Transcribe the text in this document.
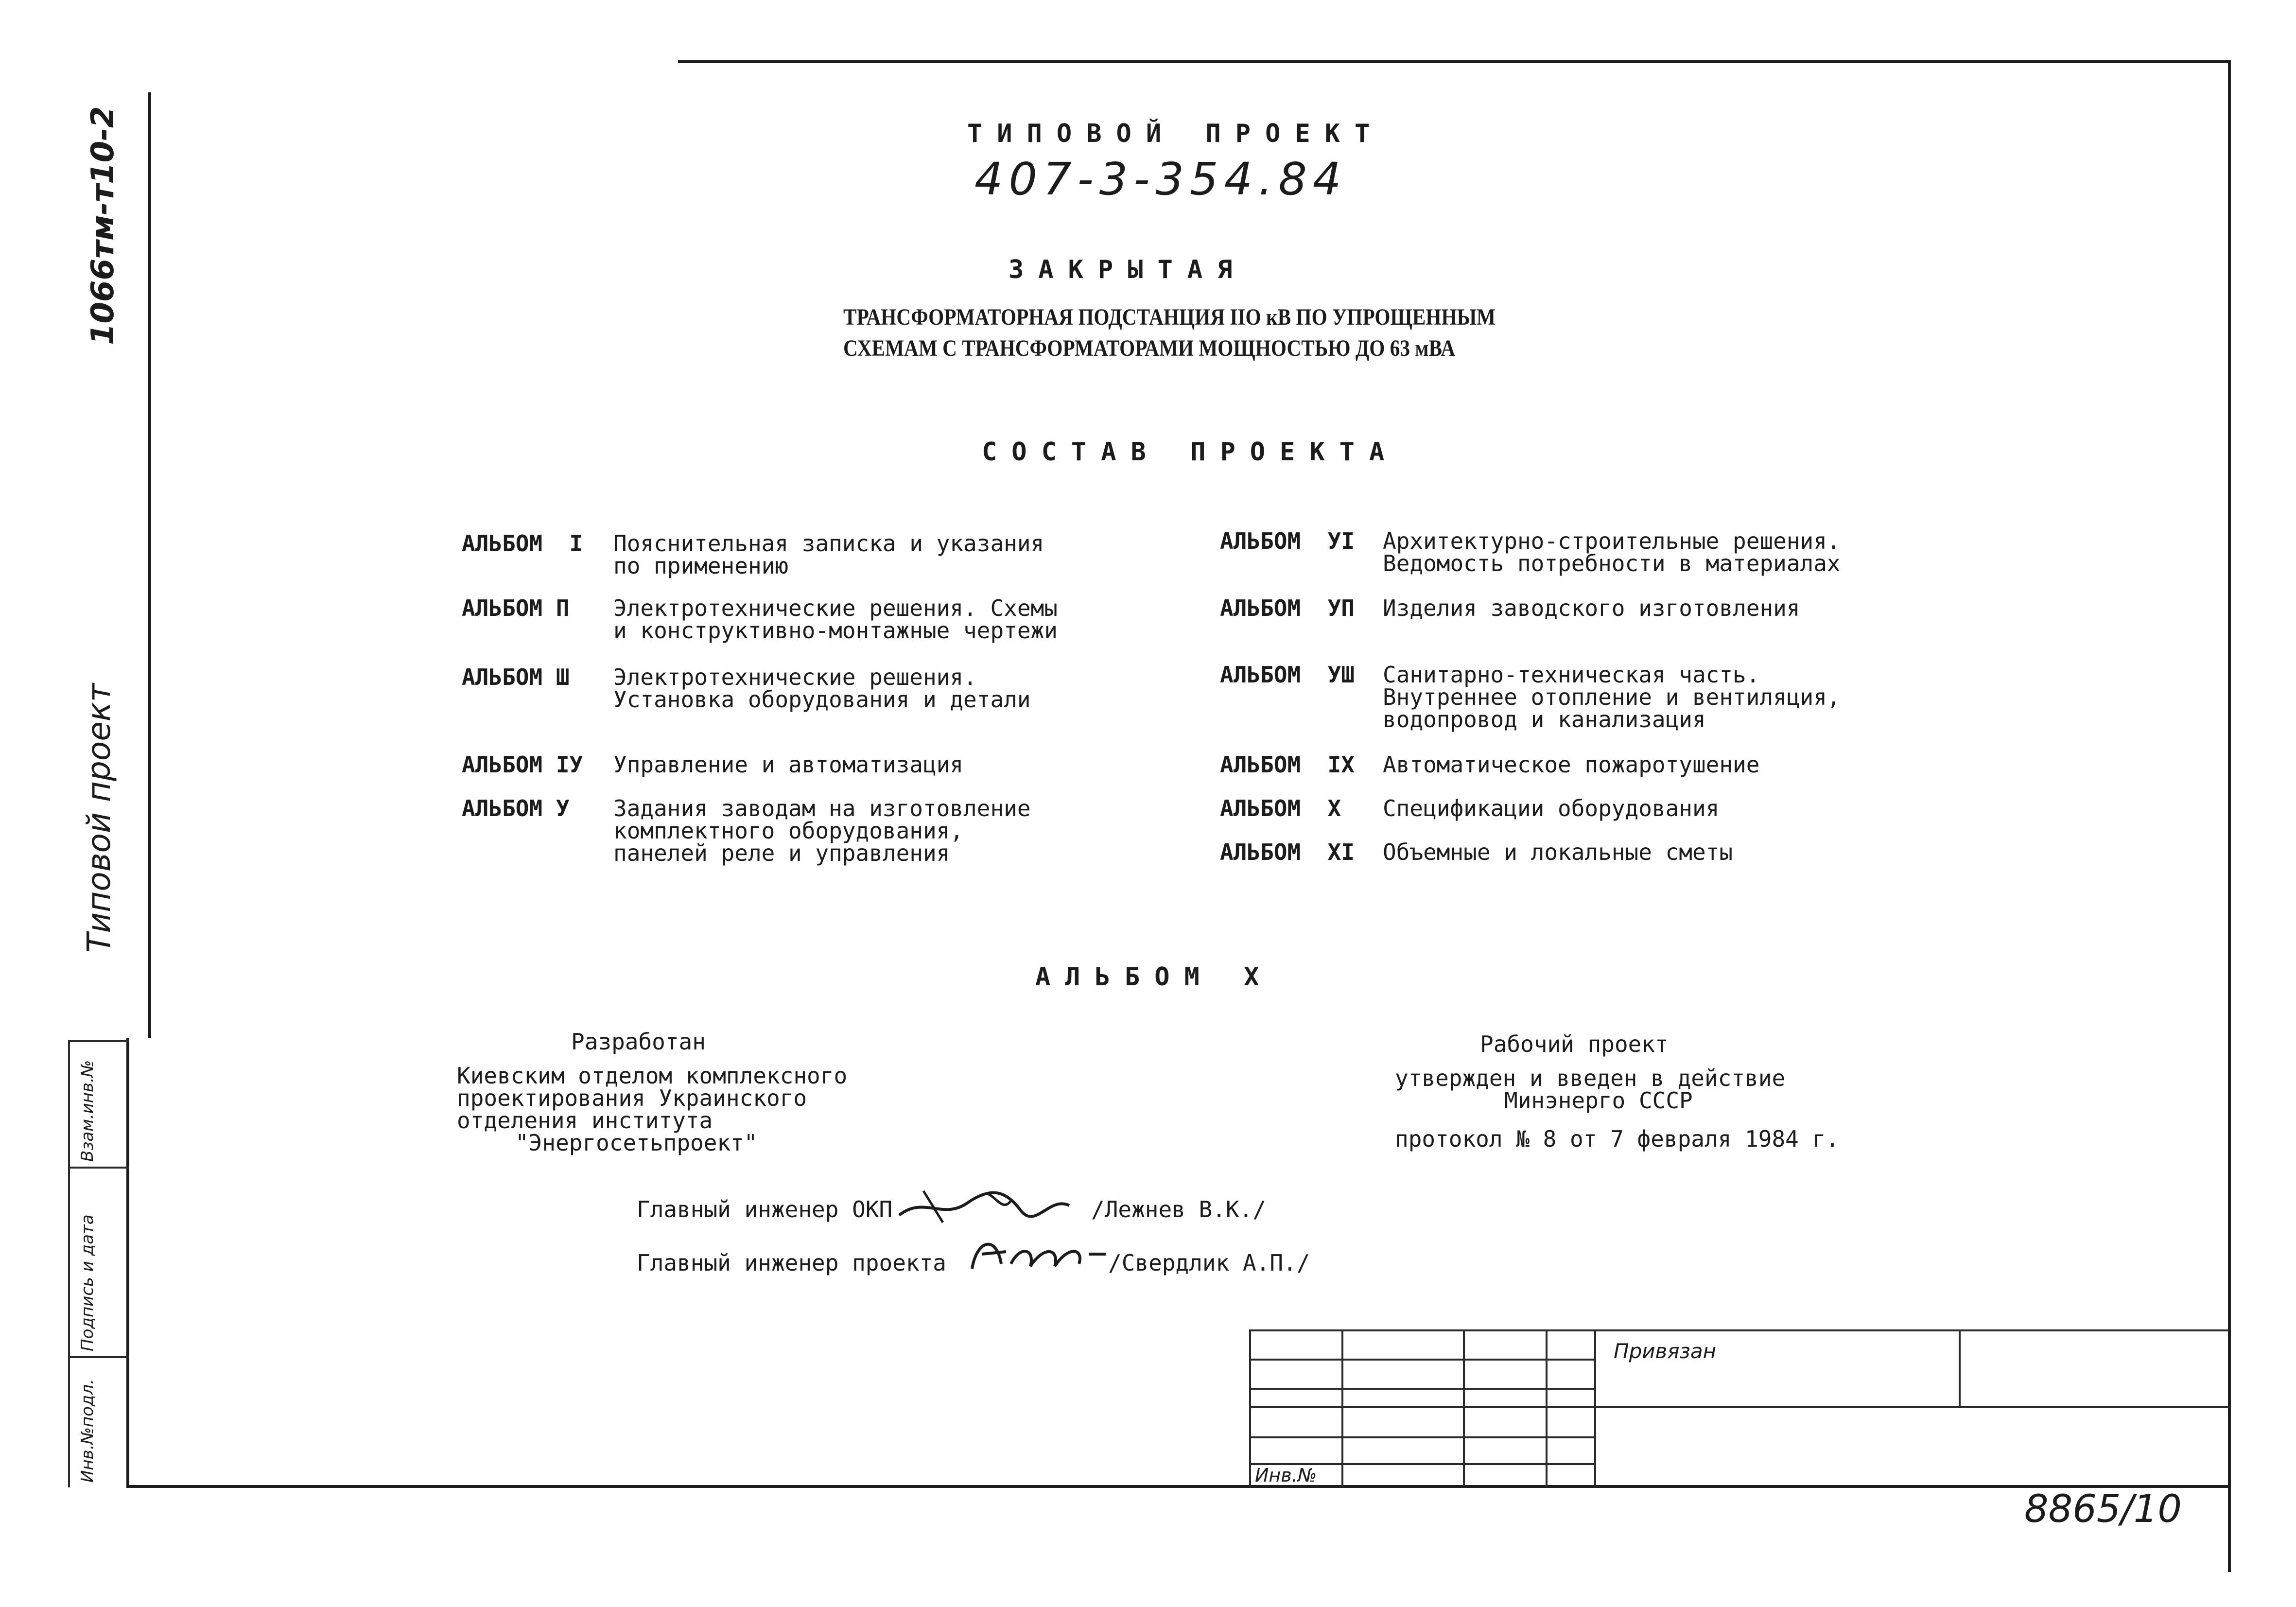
Инв.№подл.
Подпись и дата
Взам.инв.№
1066тм-т10-2
Типовой проект
ТИПОВОЙ ПРОЕКТ
407-3-354.84
ЗАКРЫТАЯ
ТРАНСФОРМАТОРНАЯ ПОДСТАНЦИЯ IIO кВ ПО УПРОЩЕННЫМ
СХЕМАМ С ТРАНСФОРМАТОРАМИ МОЩНОСТЬЮ ДО 63 мВА
СОСТАВ ПРОЕКТА
АЛЬБОМ  I Пояснительная записка и указания
по применению
АЛЬБОМ П Электротехнические решения. Схемы
и конструктивно-монтажные чертежи
АЛЬБОМ Ш Электротехнические решения.
Установка оборудования и детали
АЛЬБОМ IУ Управление и автоматизация
АЛЬБОМ У Задания заводам на изготовление
комплектного оборудования,
панелей реле и управления
АЛЬБОМ  УI Архитектурно-строительные решения.
Ведомость потребности в материалах
АЛЬБОМ  УП Изделия заводского изготовления
АЛЬБОМ  УШ Санитарно-техническая часть.
Внутреннее отопление и вентиляция,
водопровод и канализация
АЛЬБОМ  IX Автоматическое пожаротушение
АЛЬБОМ  X Спецификации оборудования
АЛЬБОМ  XI Объемные и локальные сметы
АЛЬБОМ X
Разработан
Киевским отделом комплексного
проектирования Украинского
отделения института
"Энергосетьпроект"
Рабочий проект
утвержден и введен в действие
Минэнерго СССР
протокол № 8 от 7 февраля 1984 г.
Главный инженер ОКП	/Лежнев В.К./
Главный инженер проекта	/Свердлик А.П./
Привязан
Инв.№
8865/10
